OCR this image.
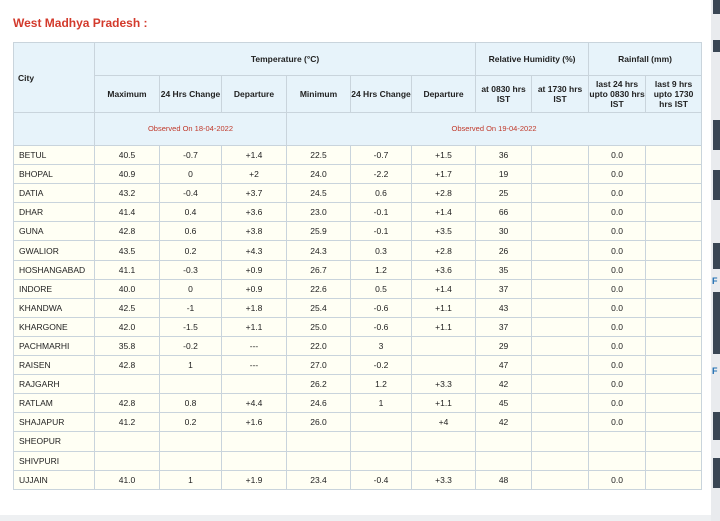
F
F
West Madhya Pradesh :
City	Temperature (°C)						Relative Humidity (%)		Rainfall (mm)	
	Maximum	24 Hrs Change	Departure	Minimum	24 Hrs Change	Departure	at 0830 hrs IST	at 1730 hrs IST	last 24 hrs upto 0830 hrs IST	last 9 hrs upto 1730 hrs IST
	Observed On 18-04-2022			Observed On 19-04-2022						
BETUL	40.5	-0.7	+1.4	22.5	-0.7	+1.5	36		0.0	
BHOPAL	40.9	0	+2	24.0	-2.2	+1.7	19		0.0	
DATIA	43.2	-0.4	+3.7	24.5	0.6	+2.8	25		0.0	
DHAR	41.4	0.4	+3.6	23.0	-0.1	+1.4	66		0.0	
GUNA	42.8	0.6	+3.8	25.9	-0.1	+3.5	30		0.0	
GWALIOR	43.5	0.2	+4.3	24.3	0.3	+2.8	26		0.0	
HOSHANGABAD	41.1	-0.3	+0.9	26.7	1.2	+3.6	35		0.0	
INDORE	40.0	0	+0.9	22.6	0.5	+1.4	37		0.0	
KHANDWA	42.5	-1	+1.8	25.4	-0.6	+1.1	43		0.0	
KHARGONE	42.0	-1.5	+1.1	25.0	-0.6	+1.1	37		0.0	
PACHMARHI	35.8	-0.2	---	22.0	3		29		0.0	
RAISEN	42.8	1	---	27.0	-0.2		47		0.0	
RAJGARH				26.2	1.2	+3.3	42		0.0	
RATLAM	42.8	0.8	+4.4	24.6	1	+1.1	45		0.0	
SHAJAPUR	41.2	0.2	+1.6	26.0		+4	42		0.0	
SHEOPUR										
SHIVPURI										
UJJAIN	41.0	1	+1.9	23.4	-0.4	+3.3	48		0.0	
